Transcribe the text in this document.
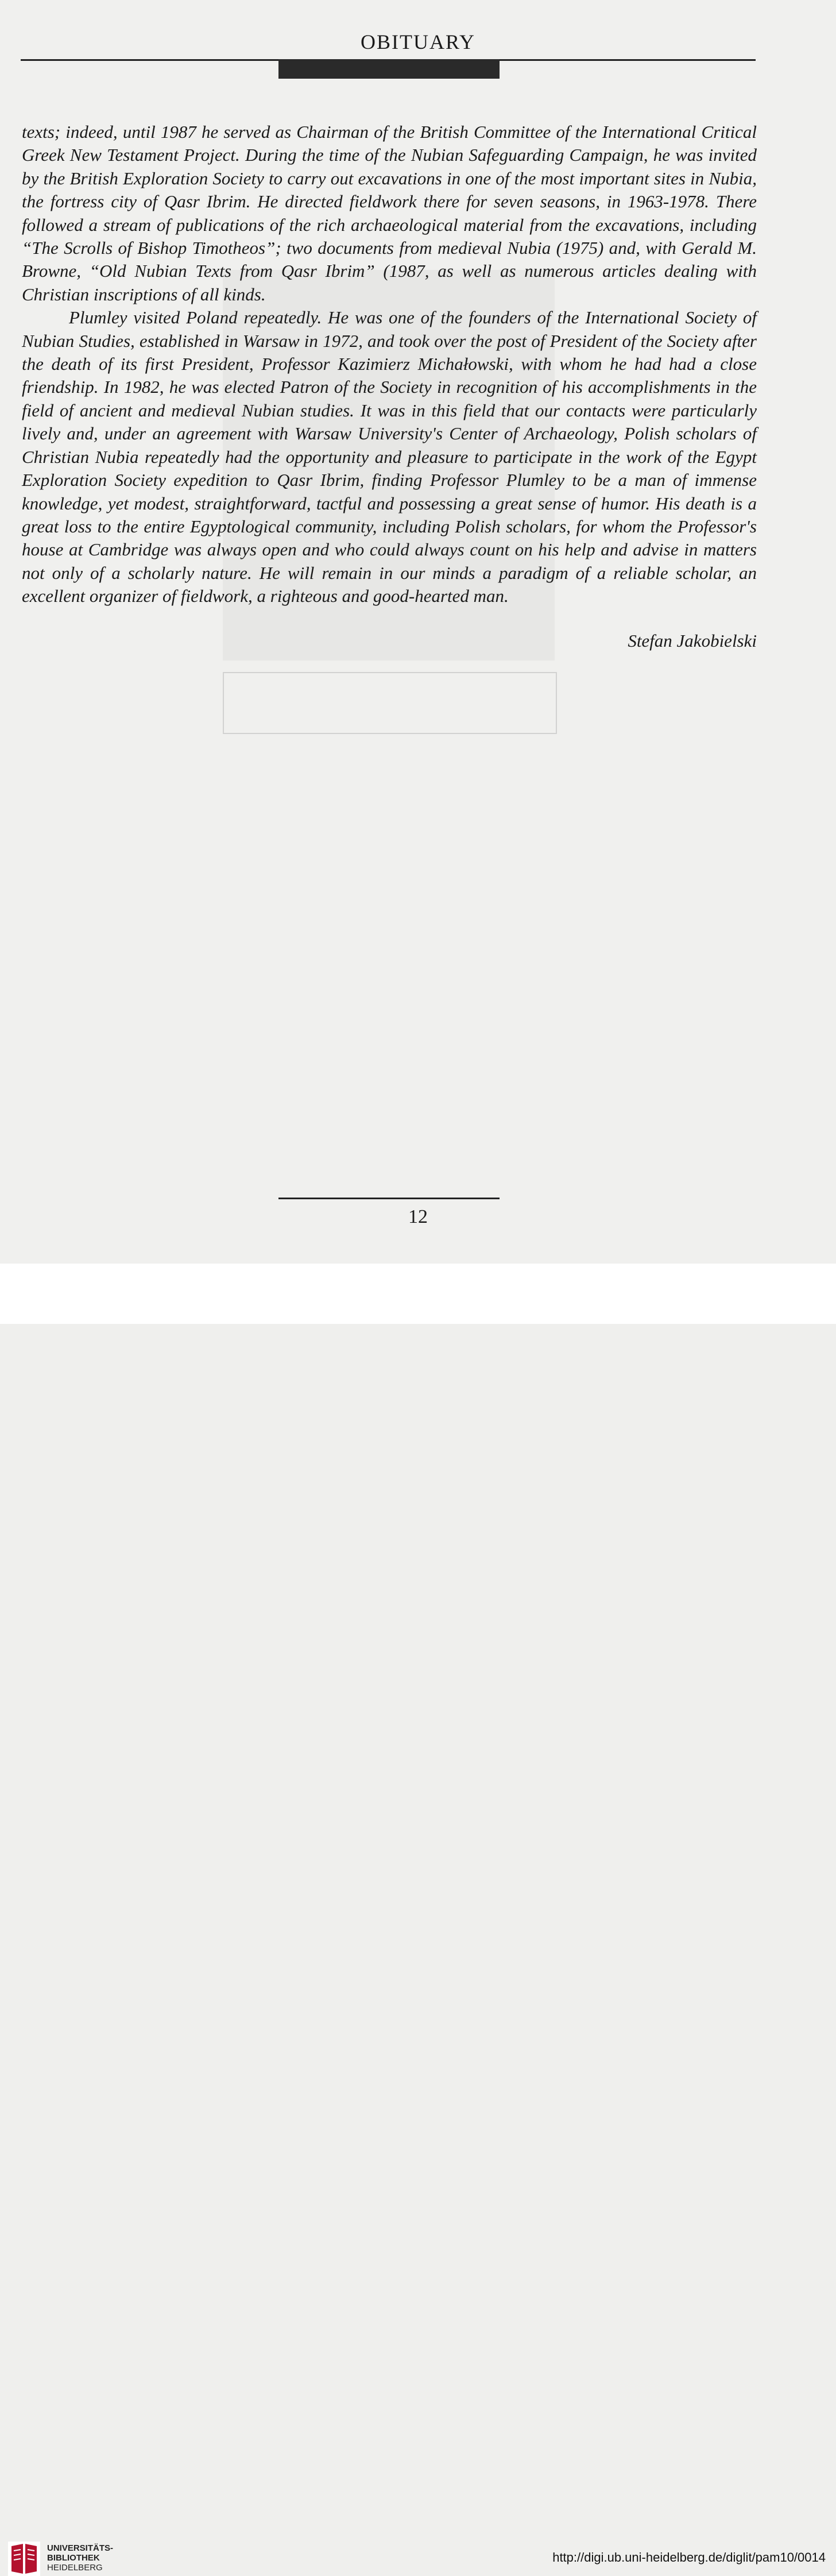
OBITUARY

texts; indeed, until 1987 he served as Chairman of the British Committee of the International Critical Greek New Testament Project. During the time of the Nubian Safeguarding Campaign, he was invited by the British Exploration Society to carry out excavations in one of the most important sites in Nubia, the fortress city of Qasr Ibrim. He directed fieldwork there for seven seasons, in 1963-1978. There followed a stream of publications of the rich archaeological material from the excavations, including “The Scrolls of Bishop Timotheos”; two documents from medieval Nubia (1975) and, with Gerald M. Browne, “Old Nubian Texts from Qasr Ibrim” (1987, as well as numerous articles dealing with Christian inscriptions of all kinds.

Plumley visited Poland repeatedly. He was one of the founders of the International Society of Nubian Studies, established in Warsaw in 1972, and took over the post of President of the Society after the death of its first President, Professor Kazimierz Michałowski, with whom he had had a close friendship. In 1982, he was elected Patron of the Society in recognition of his accomplishments in the field of ancient and medieval Nubian studies. It was in this field that our contacts were particularly lively and, under an agreement with Warsaw University's Center of Archaeology, Polish scholars of Christian Nubia repeatedly had the opportunity and pleasure to participate in the work of the Egypt Exploration Society expedition to Qasr Ibrim, finding Professor Plumley to be a man of immense knowledge, yet modest, straightforward, tactful and possessing a great sense of humor. His death is a great loss to the entire Egyptological community, including Polish scholars, for whom the Professor's house at Cambridge was always open and who could always count on his help and advise in matters not only of a scholarly nature. He will remain in our minds a paradigm of a reliable scholar, an excellent organizer of fieldwork, a righteous and good-hearted man.

Stefan Jakobielski
12
UNIVERSITÄTS-
BIBLIOTHEK
HEIDELBERG
http://digi.ub.uni-heidelberg.de/diglit/pam10/0014
